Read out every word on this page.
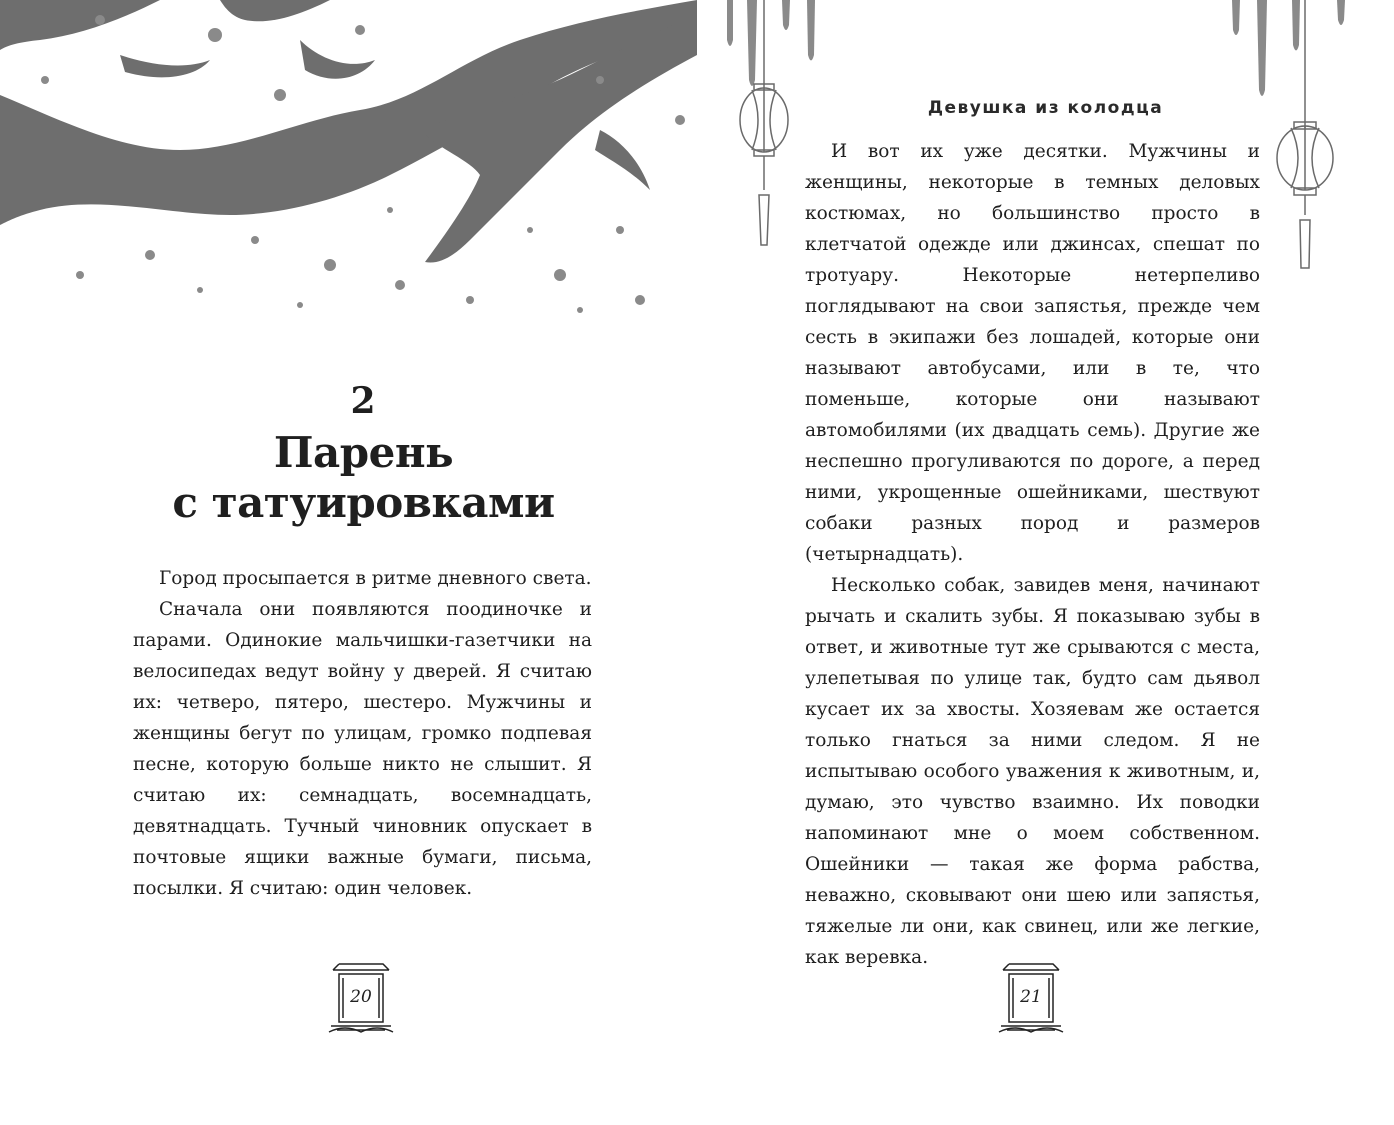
2
Парень
с татуировками

Город просыпается в ритме дневного света.

Сначала они появляются поодиночке и парами. Одинокие мальчишки-газетчики на велосипедах ведут войну у дверей. Я считаю их: четверо, пятеро, шестеро. Мужчины и женщины бегут по улицам, громко подпевая песне, которую больше никто не слышит. Я считаю их: семнадцать, восемнадцать, девятнадцать. Тучный чиновник опускает в почтовые ящики важные бумаги, письма, посылки. Я считаю: один человек.

20
Девушка из колодца

И вот их уже десятки. Мужчины и женщины, некоторые в темных деловых костюмах, но большинство просто в клетчатой одежде или джинсах, спешат по тротуару. Некоторые нетерпеливо поглядывают на свои запястья, прежде чем сесть в экипажи без лошадей, которые они называют автобусами, или в те, что поменьше, которые они называют автомобилями (их двадцать семь). Другие же неспешно прогуливаются по дороге, а перед ними, укрощенные ошейниками, шествуют собаки разных пород и размеров (четырнадцать).

Несколько собак, завидев меня, начинают рычать и скалить зубы. Я показываю зубы в ответ, и животные тут же срываются с места, улепетывая по улице так, будто сам дьявол кусает их за хвосты. Хозяевам же остается только гнаться за ними следом. Я не испытываю особого уважения к животным, и, думаю, это чувство взаимно. Их поводки напоминают мне о моем собственном. Ошейники — такая же форма рабства, неважно, сковывают они шею или запястья, тяжелые ли они, как свинец, или же легкие, как веревка.

21
